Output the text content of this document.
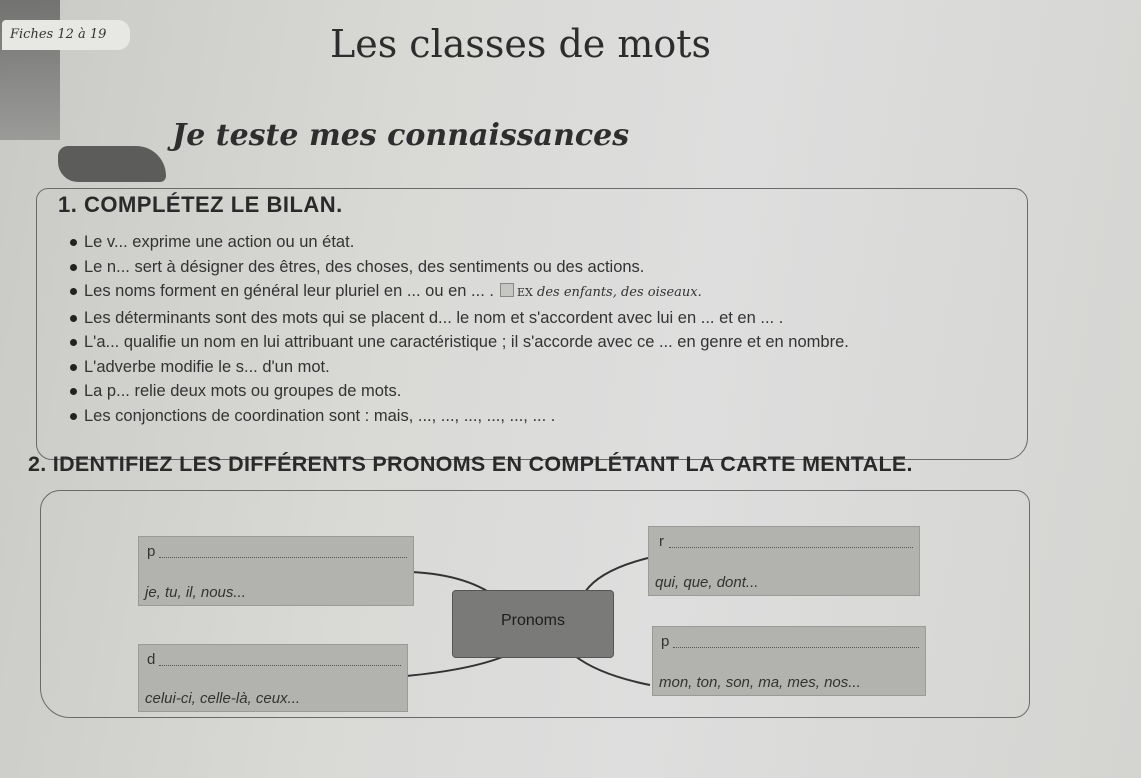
Fiches 12 à 19	Les classes de mots
Je teste mes connaissances
1. COMPLÉTEZ LE BILAN.
Le v... exprime une action ou un état.
Le n... sert à désigner des êtres, des choses, des sentiments ou des actions.
Les noms forment en général leur pluriel en ... ou en ... . EX des enfants, des oiseaux.
Les déterminants sont des mots qui se placent d... le nom et s'accordent avec lui en ... et en ... .
L'a... qualifie un nom en lui attribuant une caractéristique ; il s'accorde avec ce ... en genre et en nombre.
L'adverbe modifie le s... d'un mot.
La p... relie deux mots ou groupes de mots.
Les conjonctions de coordination sont : mais, ..., ..., ..., ..., ..., ... .
2. IDENTIFIEZ LES DIFFÉRENTS PRONOMS EN COMPLÉTANT LA CARTE MENTALE.
p
je, tu, il, nous...
r
qui, que, dont...
Pronoms
d
celui-ci, celle-là, ceux...
p
mon, ton, son, ma, mes, nos...
